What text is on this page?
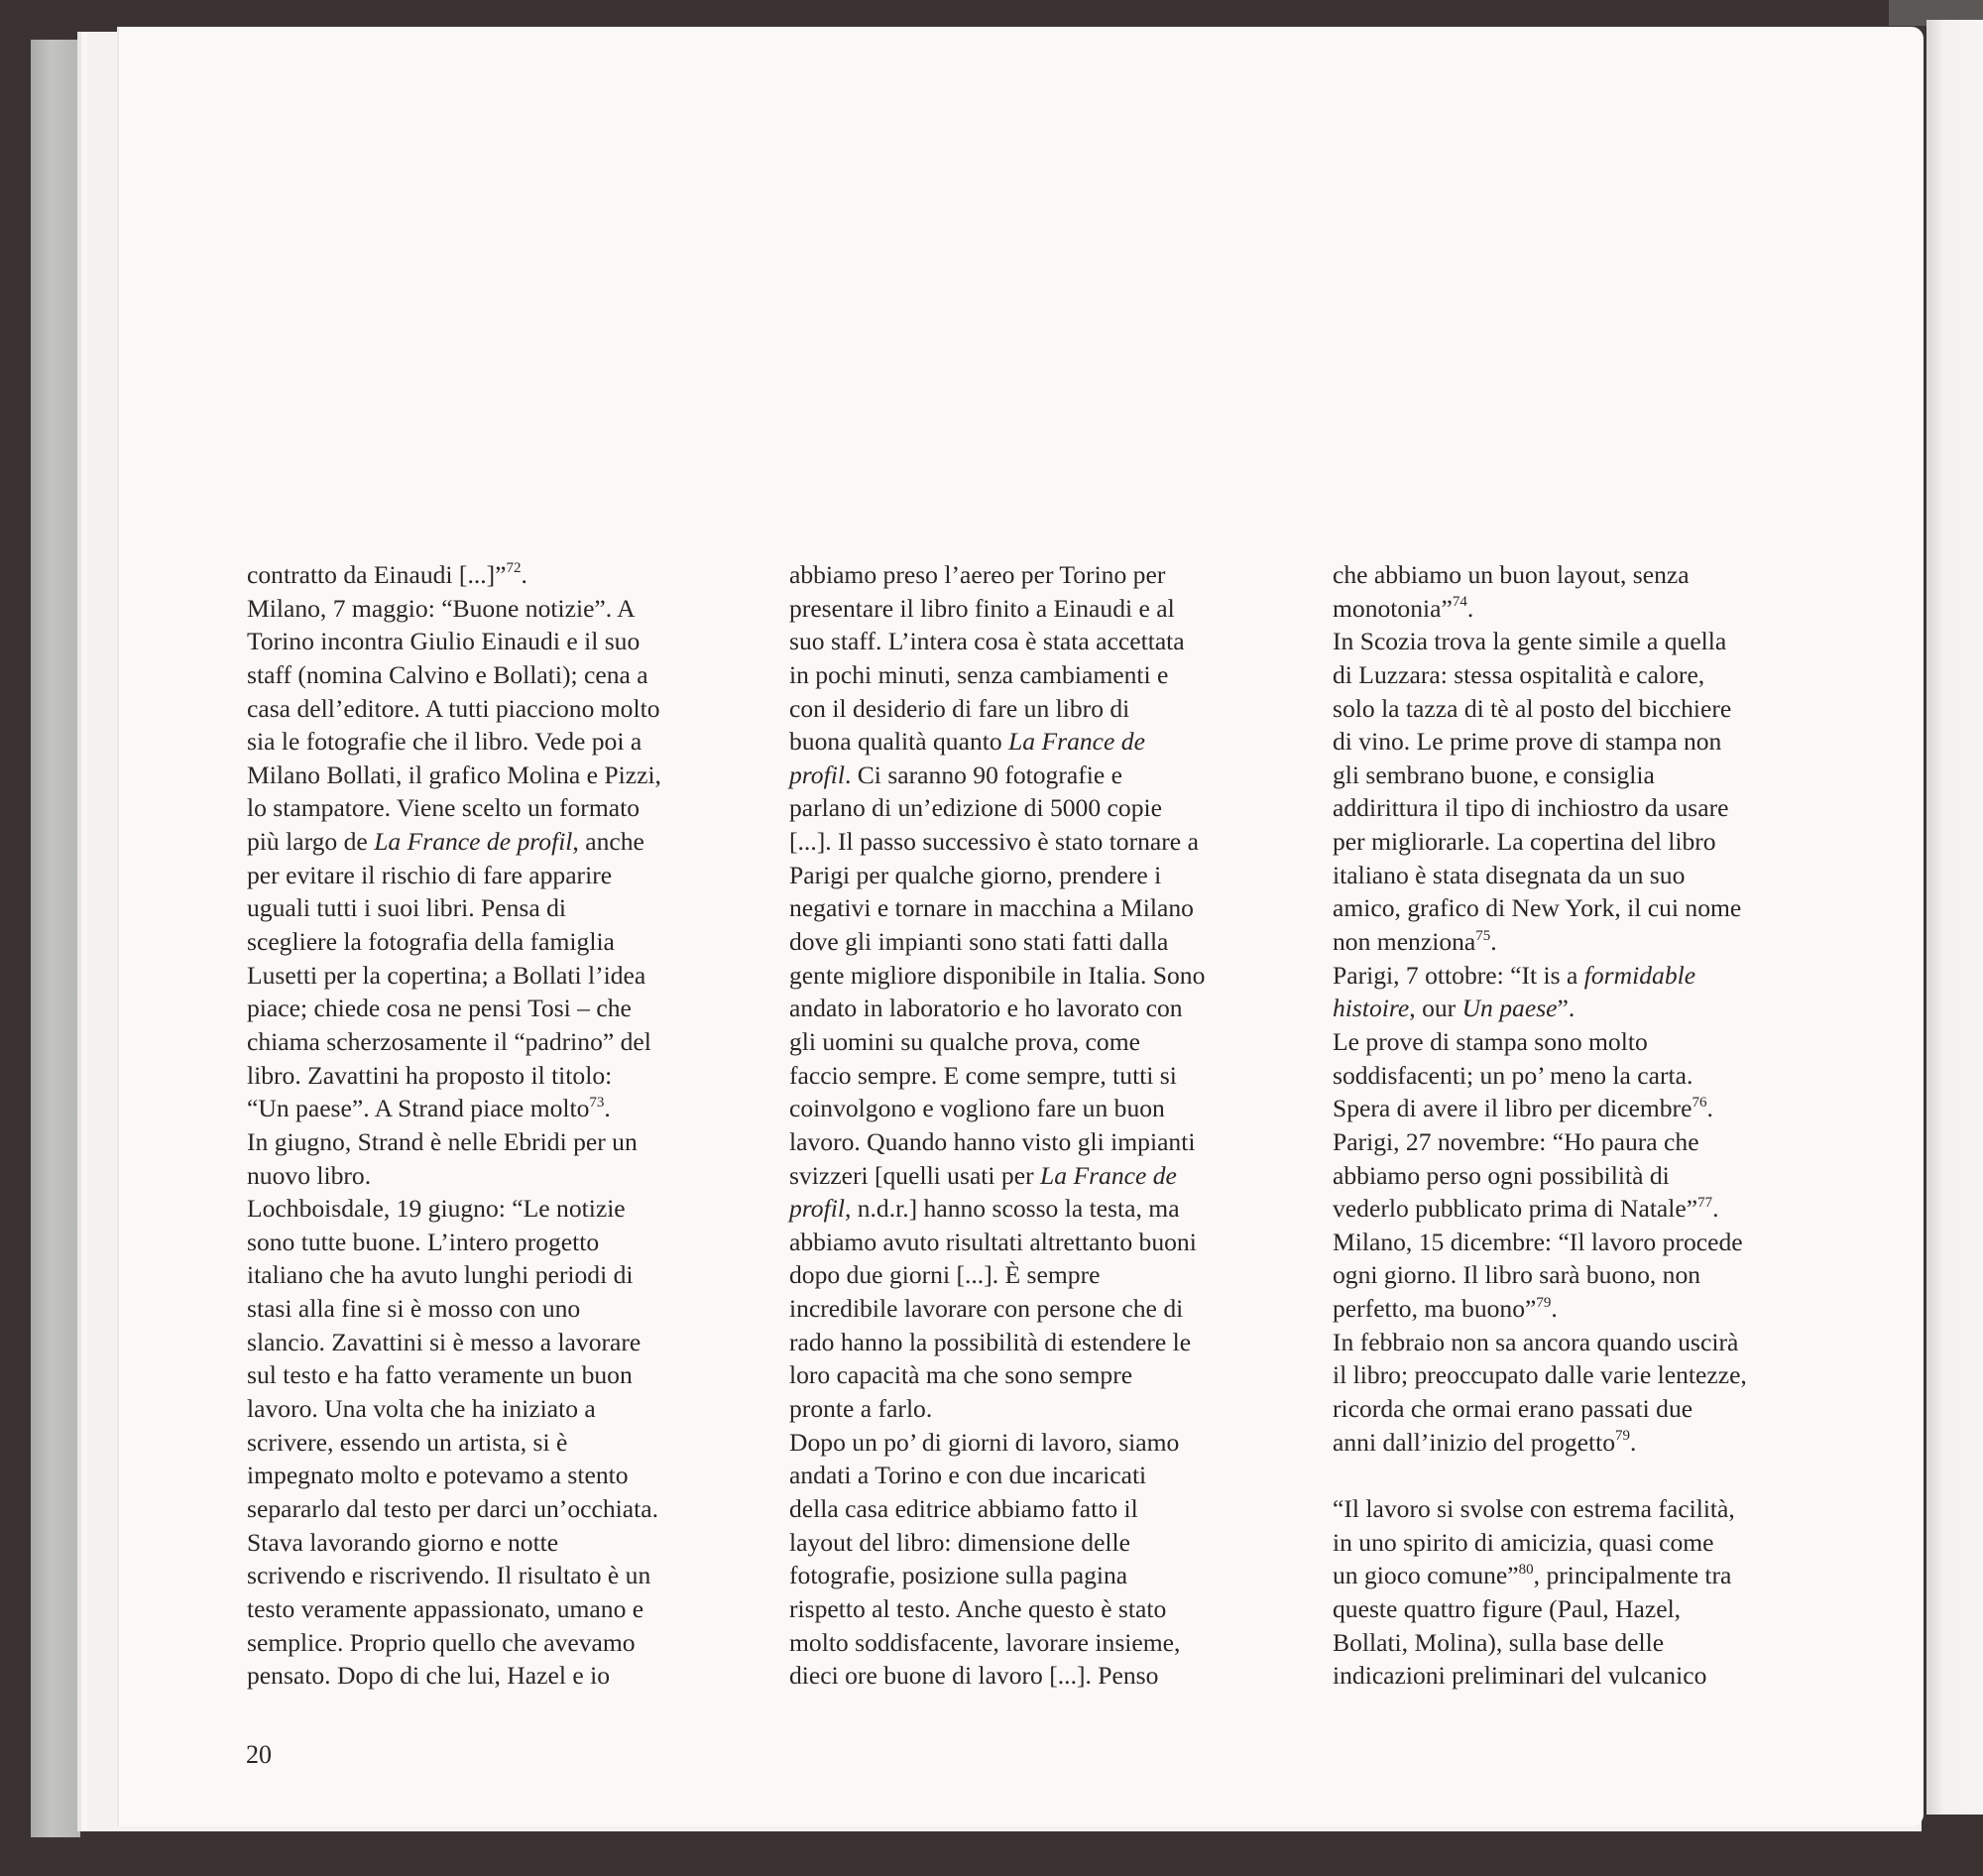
contratto da Einaudi [...]”$^{72}$.
Milano, 7 maggio: “Buone notizie”. A
Torino incontra Giulio Einaudi e il suo
staff (nomina Calvino e Bollati); cena a
casa dell’editore. A tutti piacciono molto
sia le fotografie che il libro. Vede poi a
Milano Bollati, il grafico Molina e Pizzi,
lo stampatore. Viene scelto un formato
più largo de La France de profil, anche
per evitare il rischio di fare apparire
uguali tutti i suoi libri. Pensa di
scegliere la fotografia della famiglia
Lusetti per la copertina; a Bollati l’idea
piace; chiede cosa ne pensi Tosi – che
chiama scherzosamente il “padrino” del
libro. Zavattini ha proposto il titolo:
“Un paese”. A Strand piace molto$^{73}$.
In giugno, Strand è nelle Ebridi per un
nuovo libro.
Lochboisdale, 19 giugno: “Le notizie
sono tutte buone. L’intero progetto
italiano che ha avuto lunghi periodi di
stasi alla fine si è mosso con uno
slancio. Zavattini si è messo a lavorare
sul testo e ha fatto veramente un buon
lavoro. Una volta che ha iniziato a
scrivere, essendo un artista, si è
impegnato molto e potevamo a stento
separarlo dal testo per darci un’occhiata.
Stava lavorando giorno e notte
scrivendo e riscrivendo. Il risultato è un
testo veramente appassionato, umano e
semplice. Proprio quello che avevamo
pensato. Dopo di che lui, Hazel e io
abbiamo preso l’aereo per Torino per
presentare il libro finito a Einaudi e al
suo staff. L’intera cosa è stata accettata
in pochi minuti, senza cambiamenti e
con il desiderio di fare un libro di
buona qualità quanto La France de
profil. Ci saranno 90 fotografie e
parlano di un’edizione di 5000 copie
[...]. Il passo successivo è stato tornare a
Parigi per qualche giorno, prendere i
negativi e tornare in macchina a Milano
dove gli impianti sono stati fatti dalla
gente migliore disponibile in Italia. Sono
andato in laboratorio e ho lavorato con
gli uomini su qualche prova, come
faccio sempre. E come sempre, tutti si
coinvolgono e vogliono fare un buon
lavoro. Quando hanno visto gli impianti
svizzeri [quelli usati per La France de
profil, n.d.r.] hanno scosso la testa, ma
abbiamo avuto risultati altrettanto buoni
dopo due giorni [...]. È sempre
incredibile lavorare con persone che di
rado hanno la possibilità di estendere le
loro capacità ma che sono sempre
pronte a farlo.
Dopo un po’ di giorni di lavoro, siamo
andati a Torino e con due incaricati
della casa editrice abbiamo fatto il
layout del libro: dimensione delle
fotografie, posizione sulla pagina
rispetto al testo. Anche questo è stato
molto soddisfacente, lavorare insieme,
dieci ore buone di lavoro [...]. Penso
che abbiamo un buon layout, senza
monotonia”$^{74}$.
In Scozia trova la gente simile a quella
di Luzzara: stessa ospitalità e calore,
solo la tazza di tè al posto del bicchiere
di vino. Le prime prove di stampa non
gli sembrano buone, e consiglia
addirittura il tipo di inchiostro da usare
per migliorarle. La copertina del libro
italiano è stata disegnata da un suo
amico, grafico di New York, il cui nome
non menziona$^{75}$.
Parigi, 7 ottobre: “It is a formidable
histoire, our Un paese”.
Le prove di stampa sono molto
soddisfacenti; un po’ meno la carta.
Spera di avere il libro per dicembre$^{76}$.
Parigi, 27 novembre: “Ho paura che
abbiamo perso ogni possibilità di
vederlo pubblicato prima di Natale”$^{77}$.
Milano, 15 dicembre: “Il lavoro procede
ogni giorno. Il libro sarà buono, non
perfetto, ma buono”$^{79}$.
In febbraio non sa ancora quando uscirà
il libro; preoccupato dalle varie lentezze,
ricorda che ormai erano passati due
anni dall’inizio del progetto$^{79}$.
“Il lavoro si svolse con estrema facilità,
in uno spirito di amicizia, quasi come
un gioco comune”$^{80}$, principalmente tra
queste quattro figure (Paul, Hazel,
Bollati, Molina), sulla base delle
indicazioni preliminari del vulcanico
20
